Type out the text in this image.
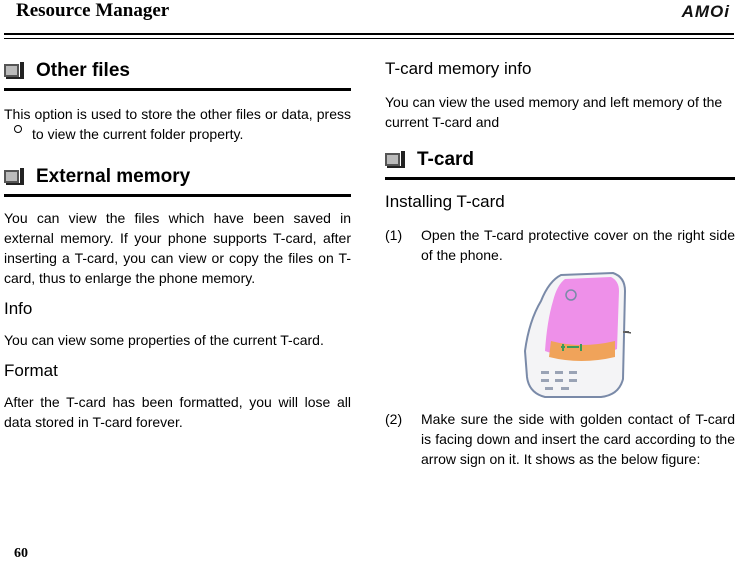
Resource Manager	AMOi
Other files

This option is used to store the other files or data, pressto view the current folder property.

External memory

You can view the files which have been saved in external memory. If your phone supports T-card, after inserting a T-card, you can view or copy the files on T-card, thus to enlarge the phone memory.

Info

You can view some properties of the current T-card.

Format

After the T-card has been formatted, you will lose all data stored in T-card forever.

T-card memory info

You can view the used memory and left memory of the current T-card and

T-card

Installing T-card

(1)	Open the T-card protective cover on the right side of the phone.
(2)	Make sure the side with golden contact of T-card is facing down and insert the card according to the arrow sign on it. It shows as the below figure:
60
